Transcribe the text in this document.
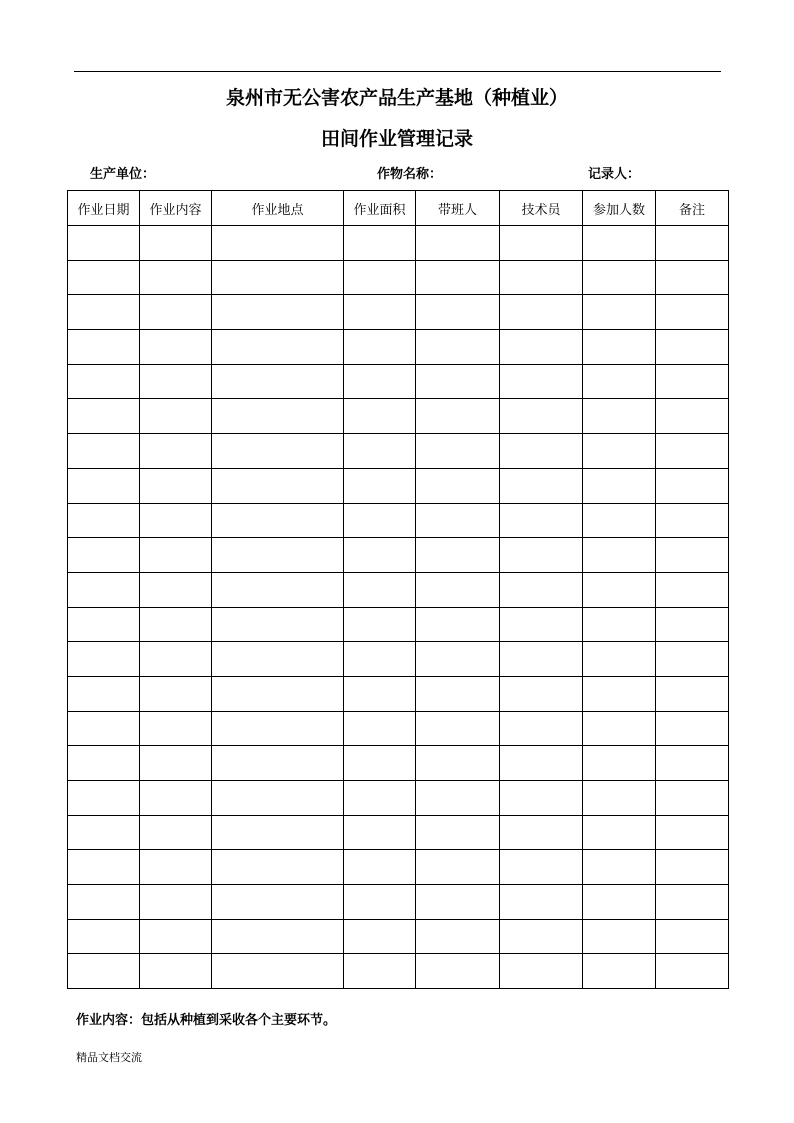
泉州市无公害农产品生产基地（种植业）
田间作业管理记录
生产单位：	作物名称：	记录人：
作业日期	作业内容	作业地点	作业面积	带班人	技术员	参加人数	备注

作业内容：包括从种植到采收各个主要环节。
精品文档交流
